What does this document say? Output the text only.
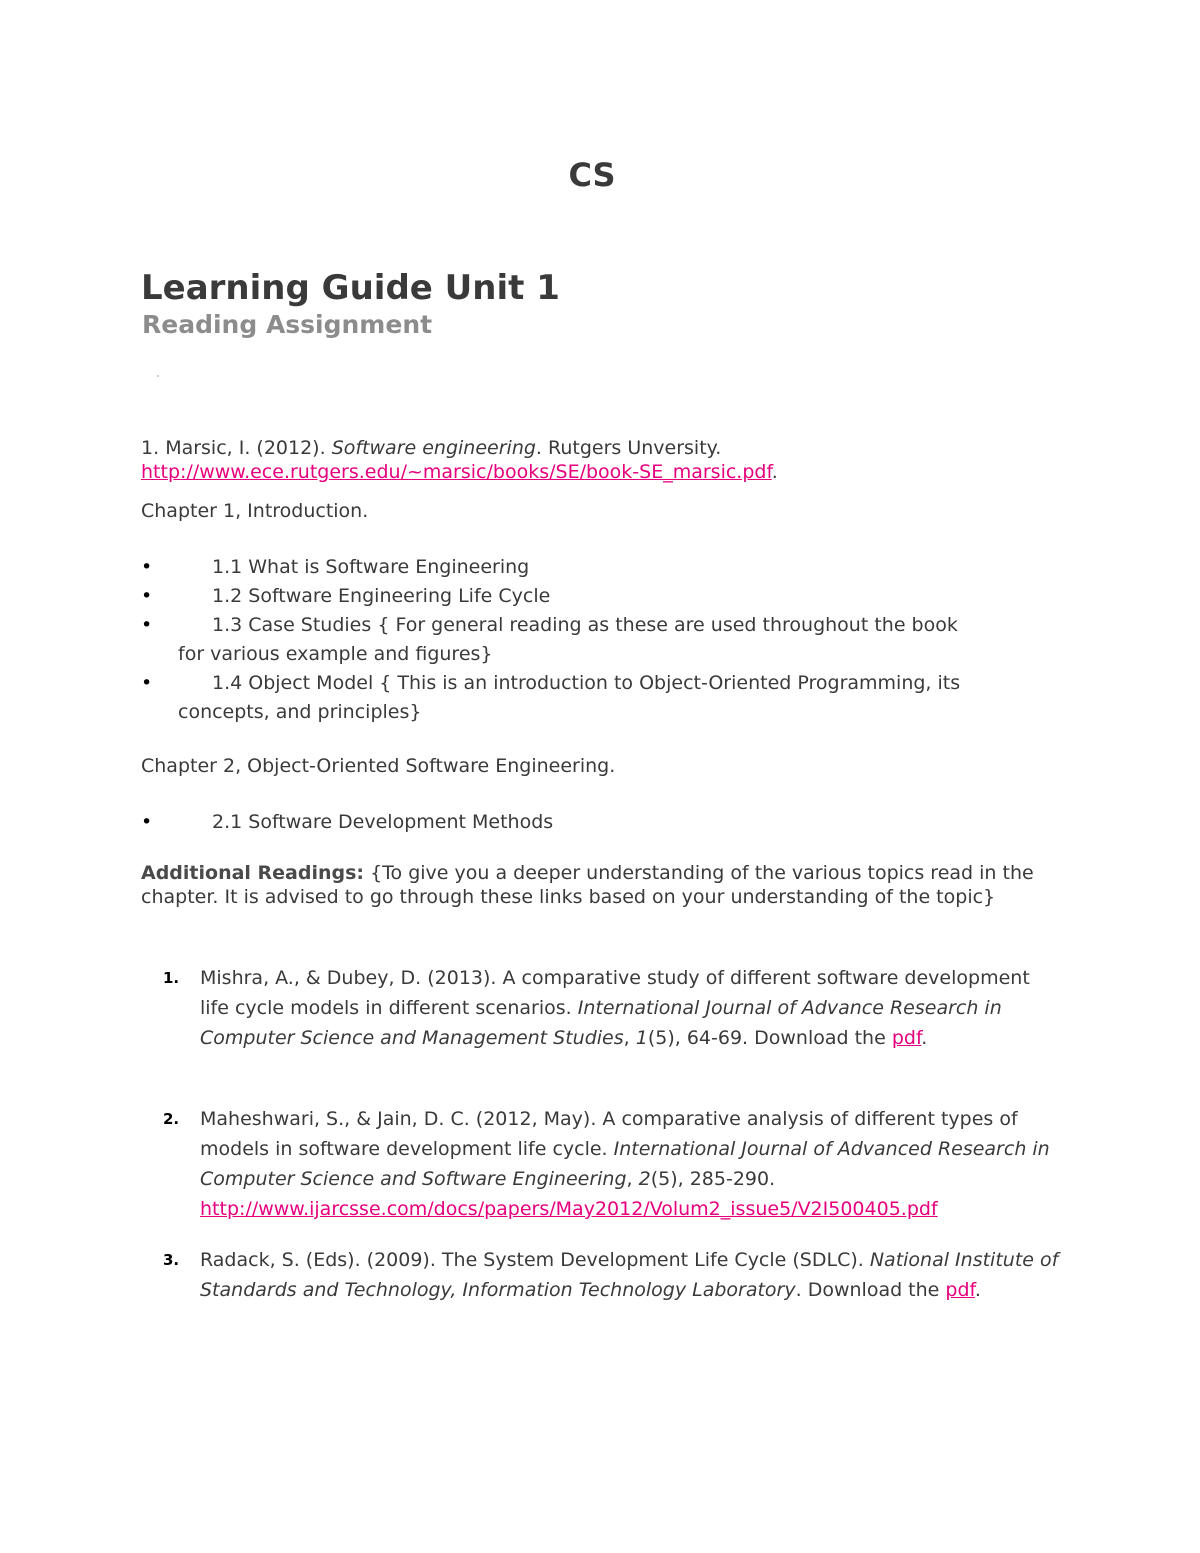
CS
Learning Guide Unit 1
Reading Assignment
1. Marsic, I. (2012). Software engineering. Rutgers Unversity. http://www.ece.rutgers.edu/~marsic/books/SE/book-SE_marsic.pdf.
Chapter 1, Introduction.
•	1.1 What is Software Engineering
•	1.2 Software Engineering Life Cycle
•	1.3 Case Studies { For general reading as these are used throughout the book
for various example and figures}
•	1.4 Object Model { This is an introduction to Object-Oriented Programming, its
concepts, and principles}
Chapter 2, Object-Oriented Software Engineering.
•	2.1 Software Development Methods
Additional Readings: {To give you a deeper understanding of the various topics read in the chapter. It is advised to go through these links based on your understanding of the topic}
1.	Mishra, A., & Dubey, D. (2013). A comparative study of different software development life cycle models in different scenarios. International Journal of Advance Research in Computer Science and Management Studies, 1(5), 64-69. Download the pdf.
2.	Maheshwari, S., & Jain, D. C. (2012, May). A comparative analysis of different types of models in software development life cycle. International Journal of Advanced Research in Computer Science and Software Engineering, 2(5), 285-290. http://www.ijarcsse.com/docs/papers/May2012/Volum2_issue5/V2I500405.pdf
3.	Radack, S. (Eds). (2009). The System Development Life Cycle (SDLC). National Institute of Standards and Technology, Information Technology Laboratory. Download the pdf.
